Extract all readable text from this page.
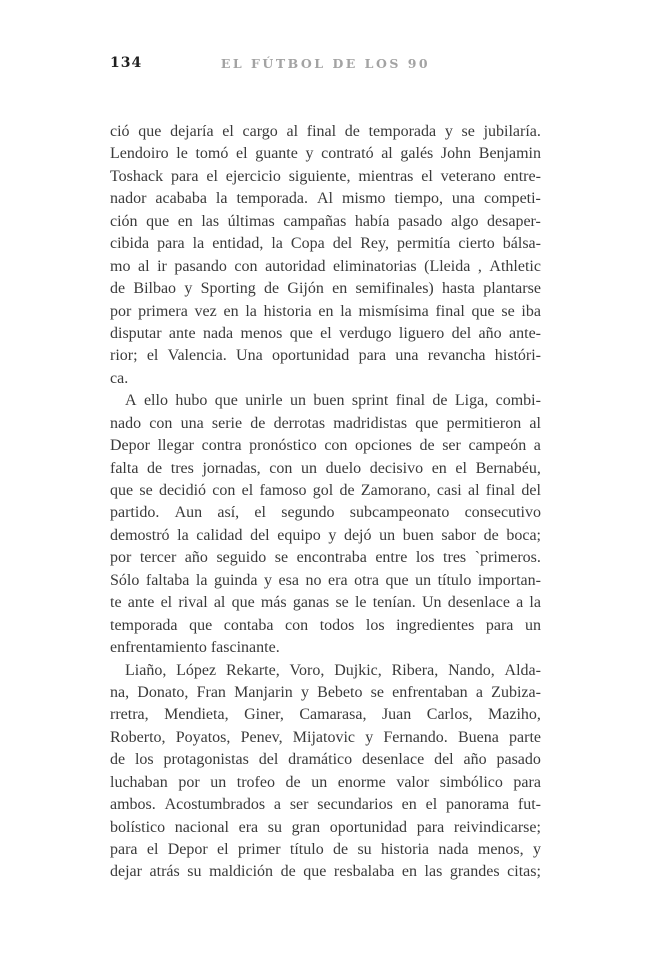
134	EL FÚTBOL DE LOS 90
ció que dejaría el cargo al final de temporada y se jubilaría.
Lendoiro le tomó el guante y contrató al galés John Benjamin
Toshack para el ejercicio siguiente, mientras el veterano entre-
nador acababa la temporada. Al mismo tiempo, una competi-
ción que en las últimas campañas había pasado algo desaper-
cibida para la entidad, la Copa del Rey, permitía cierto bálsa-
mo al ir pasando con autoridad eliminatorias (Lleida , Athletic
de Bilbao y Sporting de Gijón en semifinales) hasta plantarse
por primera vez en la historia en la mismísima final que se iba
disputar ante nada menos que el verdugo liguero del año ante-
rior; el Valencia. Una oportunidad para una revancha históri-
ca.
A ello hubo que unirle un buen sprint final de Liga, combi-
nado con una serie de derrotas madridistas que permitieron al
Depor llegar contra pronóstico con opciones de ser campeón a
falta de tres jornadas, con un duelo decisivo en el Bernabéu,
que se decidió con el famoso gol de Zamorano, casi al final del
partido. Aun así, el segundo subcampeonato consecutivo
demostró la calidad del equipo y dejó un buen sabor de boca;
por tercer año seguido se encontraba entre los tres `primeros.
Sólo faltaba la guinda y esa no era otra que un título importan-
te ante el rival al que más ganas se le tenían. Un desenlace a la
temporada que contaba con todos los ingredientes para un
enfrentamiento fascinante.
Liaño, López Rekarte, Voro, Dujkic, Ribera, Nando, Alda-
na, Donato, Fran Manjarin y Bebeto se enfrentaban a Zubiza-
rretra, Mendieta, Giner, Camarasa, Juan Carlos, Maziho,
Roberto, Poyatos, Penev, Mijatovic y Fernando. Buena parte
de los protagonistas del dramático desenlace del año pasado
luchaban por un trofeo de un enorme valor simbólico para
ambos. Acostumbrados a ser secundarios en el panorama fut-
bolístico nacional era su gran oportunidad para reivindicarse;
para el Depor el primer título de su historia nada menos, y
dejar atrás su maldición de que resbalaba en las grandes citas;
